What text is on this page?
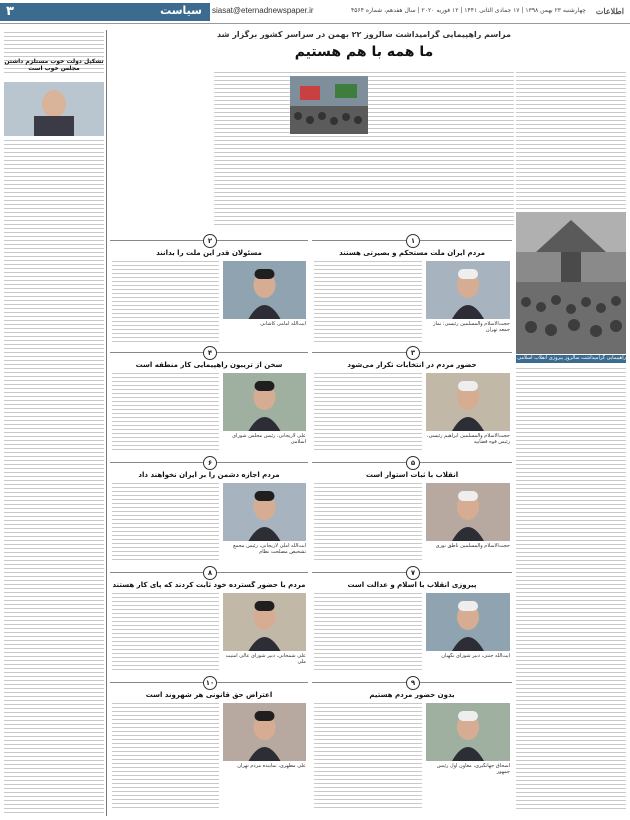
۳	سیاست siasat@eternadnewspaper.ir	چهارشنبه ۲۳ بهمن ۱۳۹۸ | ۱۷ جمادی الثانی ۱۴۴۱ | ۱۲ فوریه ۲۰۲۰ | سال هفدهم، شماره ۴۵۶۴ اطلاعات
راهپیمایی گرامیداشت سالروز پیروزی انقلاب اسلامی
مراسم راهپیمایی گرامیداشت سالروز ۲۲ بهمن در سراسر کشور برگزار شد
ما همه با هم هستیم
تشکیل دولت خوب مستلزم داشتن مجلس خوب است
۱
مردم ایران ملت مستحکم و بصیرتی هستند
حجت‌الاسلام والمسلمین رئیسی: نماز جمعه تهران
۲
مسئولان قدر این ملت را بدانند
آیت‌الله امامی کاشانی
۳
حضور مردم در انتخابات تکرار می‌شود
حجت‌الاسلام والمسلمین ابراهیم رئیسی، رئیس قوه قضاییه
۴
سخن از تریبون راهپیمایی کار منطقه است
علی لاریجانی، رئیس مجلس شورای اسلامی
۵
انقلاب با ثبات استوار است
حجت‌الاسلام والمسلمین ناطق نوری
۶
مردم اجازه دشمن را بر ایران نخواهند داد
آیت‌الله آملی لاریجانی، رئیس مجمع تشخیص مصلحت نظام
۷
پیروزی انقلاب با اسلام و عدالت است
آیت‌الله جنتی، دبیر شورای نگهبان
۸
مردم با حضور گسترده خود ثابت کردند که پای کار هستند
علی شمخانی، دبیر شورای عالی امنیت ملی
۹
بدون حضور مردم هستیم
اسحاق جهانگیری، معاون اول رئیس جمهور
۱۰
اعتراض حق قانونی هر شهروند است
علی مطهری، نماینده مردم تهران
